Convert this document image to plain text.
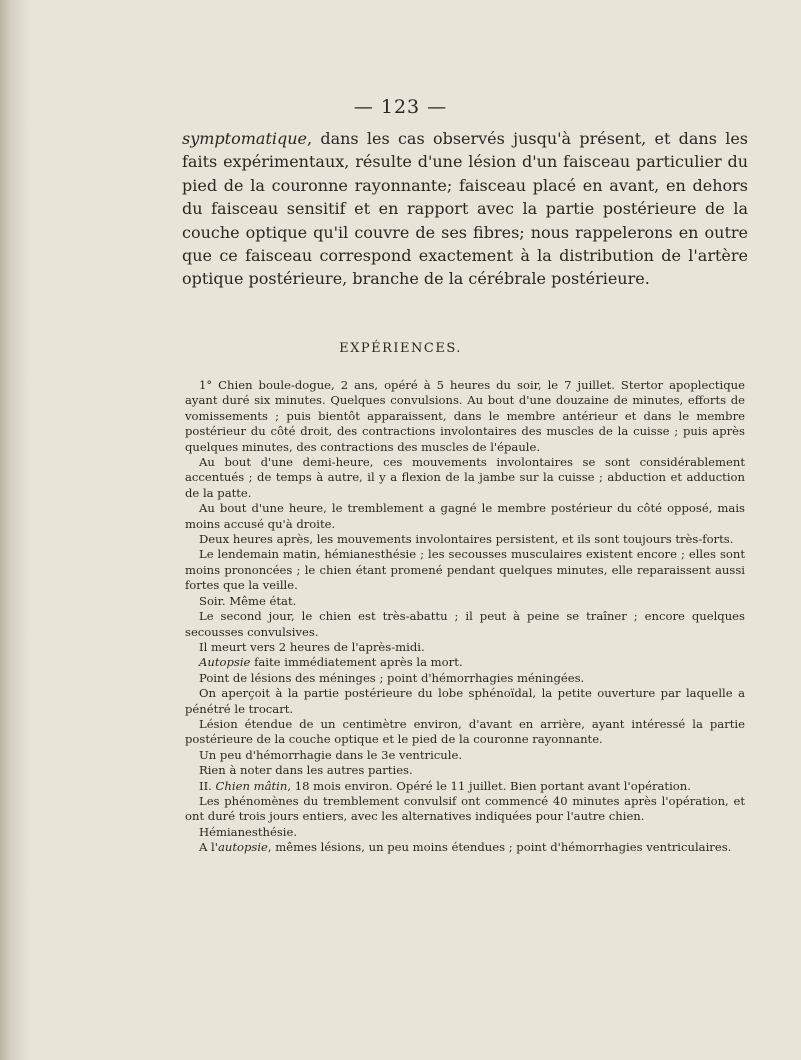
— 123 —

symptomatique, dans les cas observés jusqu'à présent, et dans les faits expérimentaux, résulte d'une lésion d'un faisceau particulier du pied de la couronne rayonnante; faisceau placé en avant, en dehors du faisceau sensitif et en rapport avec la partie postérieure de la couche optique qu'il couvre de ses fibres; nous rappelerons en outre que ce faisceau correspond exactement à la distribution de l'artère optique postérieure, branche de la cérébrale postérieure.

EXPÉRIENCES.

1° Chien boule-dogue, 2 ans, opéré à 5 heures du soir, le 7 juillet. Stertor apoplectique ayant duré six minutes. Quelques convulsions. Au bout d'une douzaine de minutes, efforts de vomissements ; puis bientôt apparaissent, dans le membre antérieur et dans le membre postérieur du côté droit, des contractions involontaires des muscles de la cuisse ; puis après quelques minutes, des contractions des muscles de l'épaule.

Au bout d'une demi-heure, ces mouvements involontaires se sont considérablement accentués ; de temps à autre, il y a flexion de la jambe sur la cuisse ; abduction et adduction de la patte.

Au bout d'une heure, le tremblement a gagné le membre postérieur du côté opposé, mais moins accusé qu'à droite.

Deux heures après, les mouvements involontaires persistent, et ils sont toujours très-forts.

Le lendemain matin, hémianesthésie ; les secousses musculaires existent encore ; elles sont moins prononcées ; le chien étant promené pendant quelques minutes, elle reparaissent aussi fortes que la veille.

Soir. Même état.

Le second jour, le chien est très-abattu ; il peut à peine se traîner ; encore quelques secousses convulsives.

Il meurt vers 2 heures de l'après-midi.

Autopsie faite immédiatement après la mort.

Point de lésions des méninges ; point d'hémorrhagies méningées.

On aperçoit à la partie postérieure du lobe sphénoïdal, la petite ouverture par laquelle a pénétré le trocart.

Lésion étendue de un centimètre environ, d'avant en arrière, ayant intéressé la partie postérieure de la couche optique et le pied de la couronne rayonnante.

Un peu d'hémorrhagie dans le 3e ventricule.

Rien à noter dans les autres parties.

II. Chien mâtin, 18 mois environ. Opéré le 11 juillet. Bien portant avant l'opération.

Les phénomènes du tremblement convulsif ont commencé 40 minutes après l'opération, et ont duré trois jours entiers, avec les alternatives indiquées pour l'autre chien.

Hémianesthésie.

A l'autopsie, mêmes lésions, un peu moins étendues ; point d'hémorrhagies ventriculaires.
